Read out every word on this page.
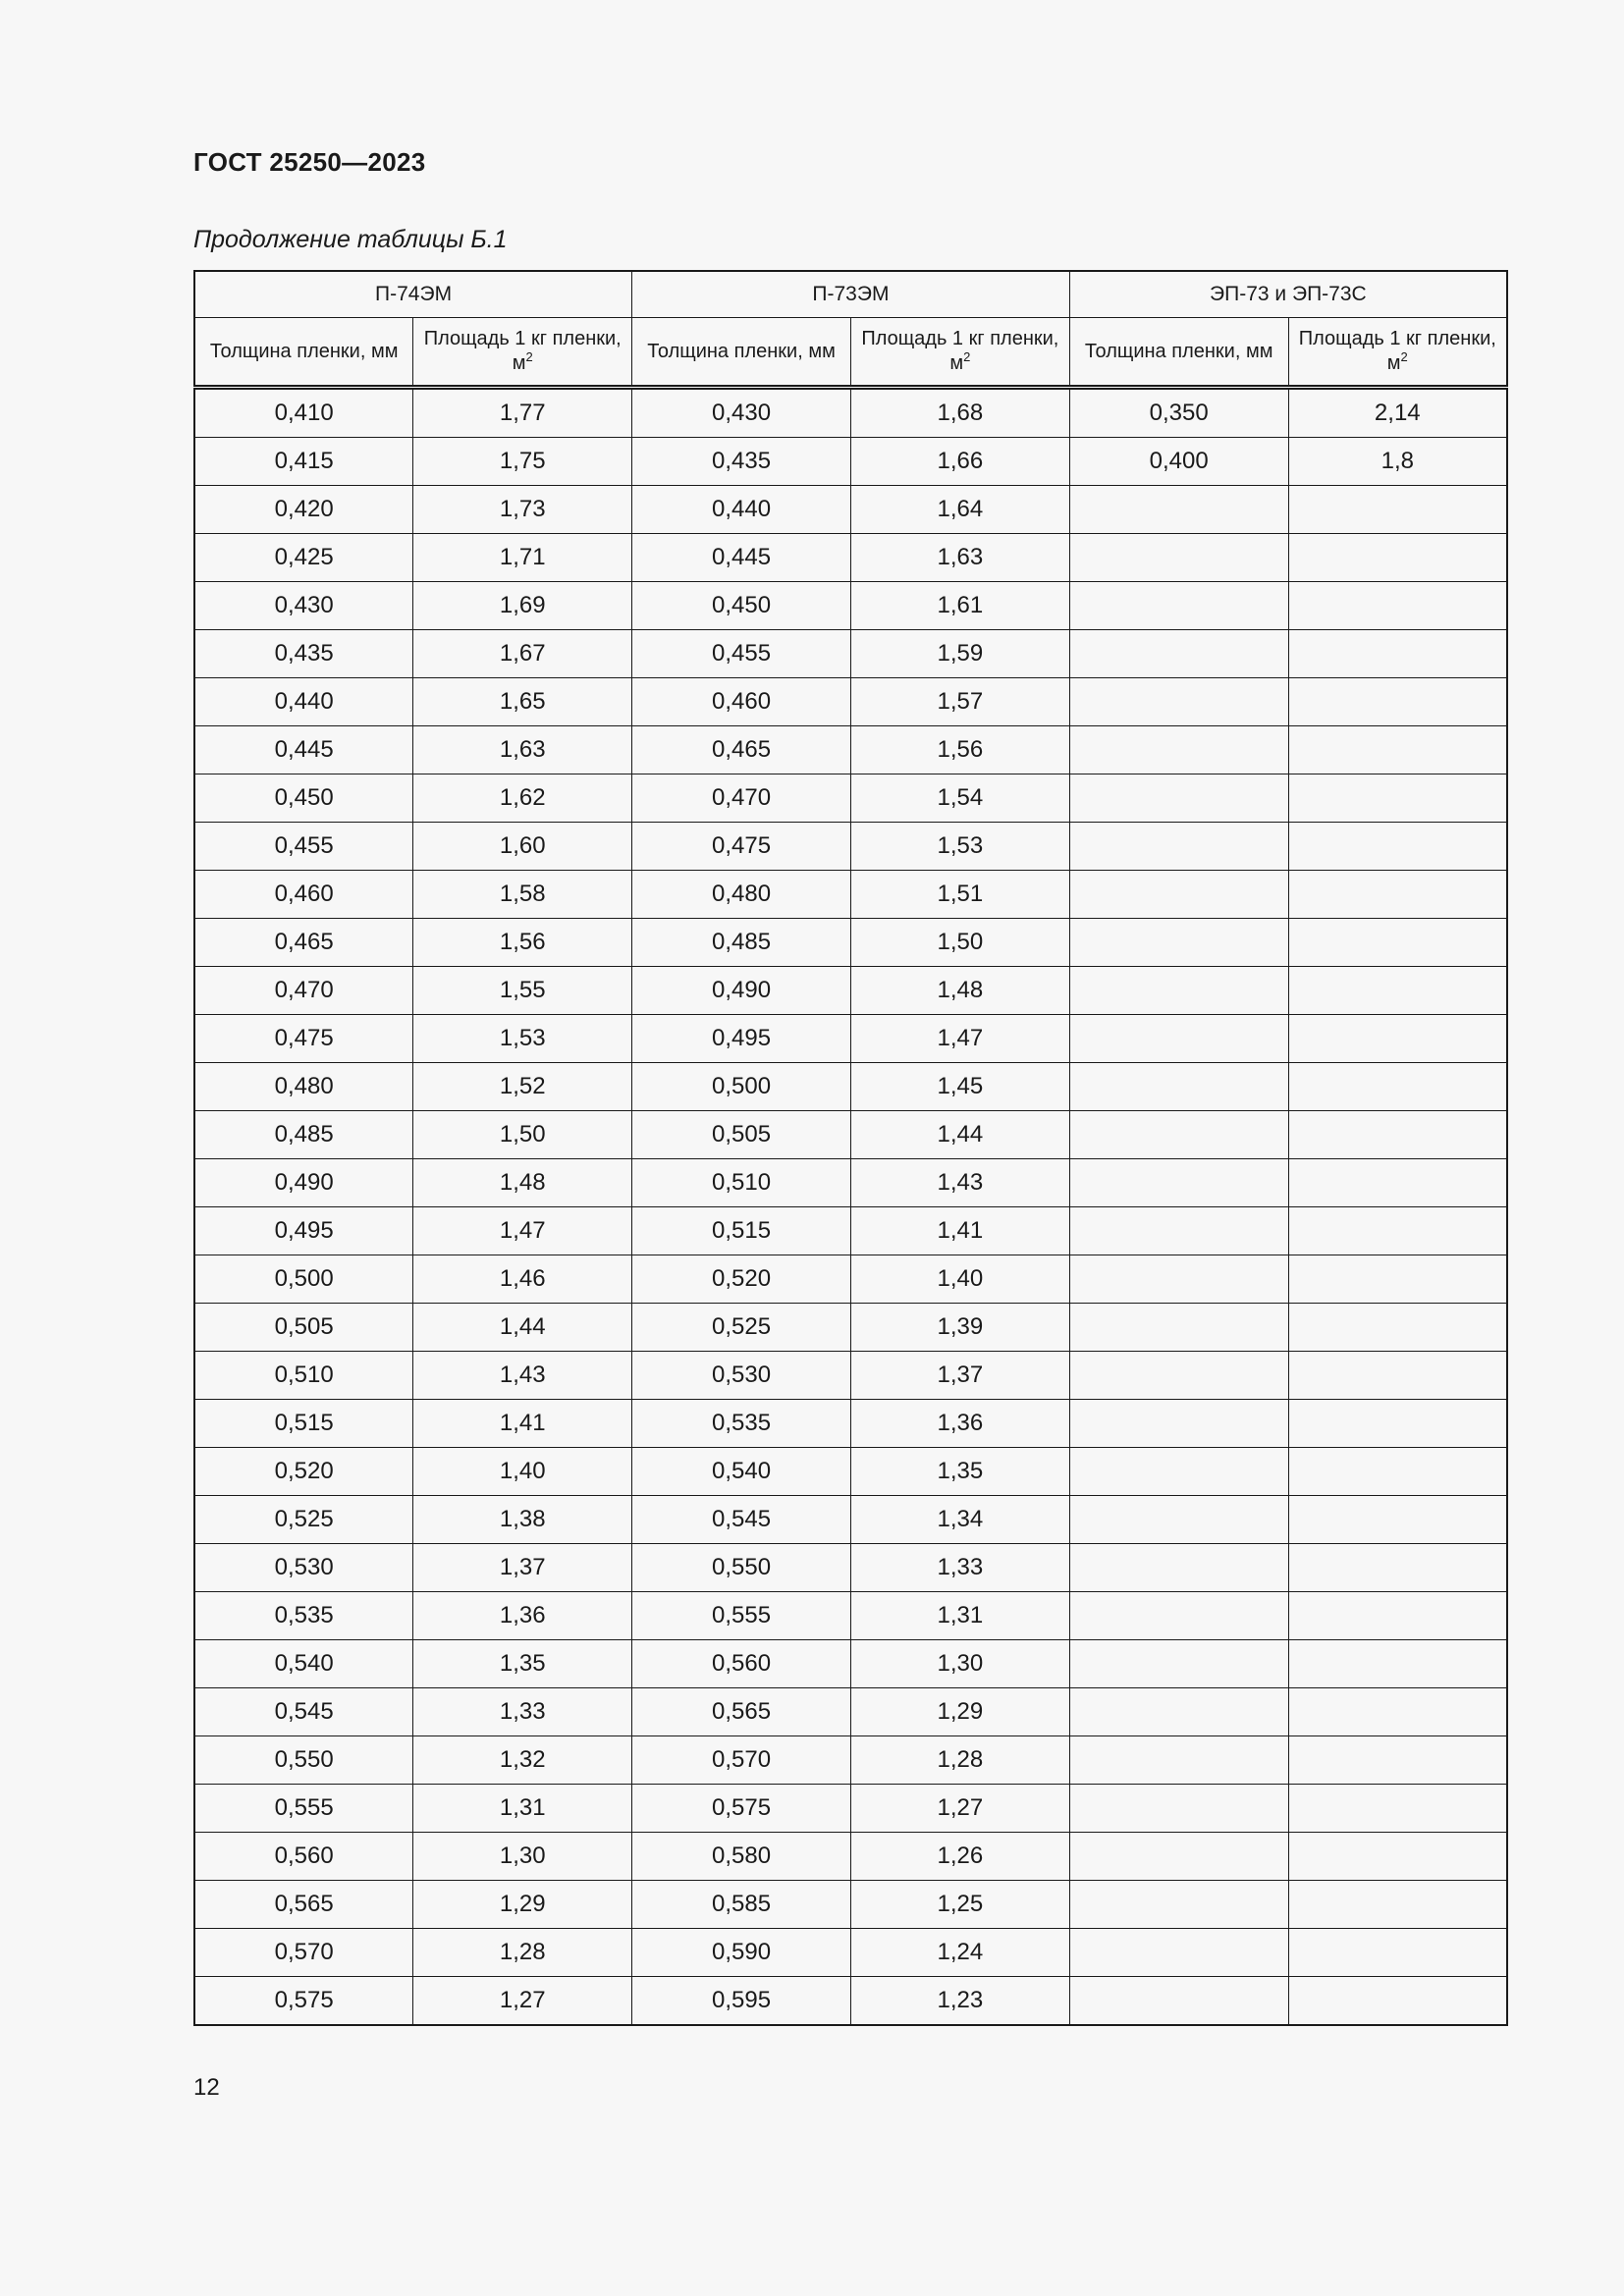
ГОСТ 25250—2023
Продолжение таблицы Б.1
П-74ЭМ		П-73ЭМ		ЭП-73 и ЭП-73С	
Толщина пленки, мм	Площадь 1 кг пленки, $м^2$	Толщина пленки, мм	Площадь 1 кг пленки, $м^2$	Толщина пленки, мм	Площадь 1 кг пленки, $м^2$
0,410	1,77	0,430	1,68	0,350	2,14
0,415	1,75	0,435	1,66	0,400	1,8
0,420	1,73	0,440	1,64		
0,425	1,71	0,445	1,63		
0,430	1,69	0,450	1,61		
0,435	1,67	0,455	1,59		
0,440	1,65	0,460	1,57		
0,445	1,63	0,465	1,56		
0,450	1,62	0,470	1,54		
0,455	1,60	0,475	1,53		
0,460	1,58	0,480	1,51		
0,465	1,56	0,485	1,50		
0,470	1,55	0,490	1,48		
0,475	1,53	0,495	1,47		
0,480	1,52	0,500	1,45		
0,485	1,50	0,505	1,44		
0,490	1,48	0,510	1,43		
0,495	1,47	0,515	1,41		
0,500	1,46	0,520	1,40		
0,505	1,44	0,525	1,39		
0,510	1,43	0,530	1,37		
0,515	1,41	0,535	1,36		
0,520	1,40	0,540	1,35		
0,525	1,38	0,545	1,34		
0,530	1,37	0,550	1,33		
0,535	1,36	0,555	1,31		
0,540	1,35	0,560	1,30		
0,545	1,33	0,565	1,29		
0,550	1,32	0,570	1,28		
0,555	1,31	0,575	1,27		
0,560	1,30	0,580	1,26		
0,565	1,29	0,585	1,25		
0,570	1,28	0,590	1,24		
0,575	1,27	0,595	1,23		
12
